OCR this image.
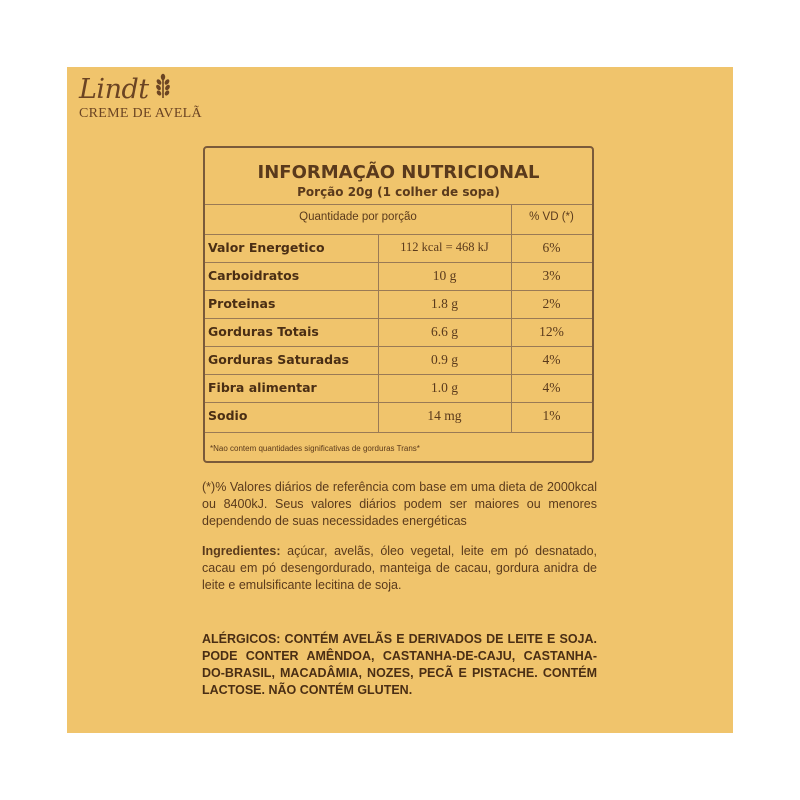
Lindt
CREME DE AVELÃ
INFORMAÇÃO NUTRICIONAL
Porção 20g (1 colher de sopa)
Quantidade por porção	% VD (*)
Valor Energetico	112 kcal = 468 kJ	6%
Carboidratos	10 g	3%
Proteinas	1.8 g	2%
Gorduras Totais	6.6 g	12%
Gorduras Saturadas	0.9 g	4%
Fibra alimentar	1.0 g	4%
Sodio	14 mg	1%
*Nao contem quantidades significativas de gorduras Trans*
(*)% Valores diários de referência com base em uma dieta de 2000kcal ou 8400kJ. Seus valores diários podem ser maiores ou menores dependendo de suas necessidades energéticas
Ingredientes: açúcar, avelãs, óleo vegetal, leite em pó desnatado, cacau em pó desengordurado, manteiga de cacau, gordura anidra de leite e emulsificante lecitina de soja.
ALÉRGICOS: CONTÉM AVELÃS E DERIVADOS DE LEITE E SOJA. PODE CONTER AMÊNDOA, CASTANHA-DE-CAJU, CASTANHA-DO-BRASIL, MACADÂMIA, NOZES, PECÃ E PISTACHE. CONTÉM LACTOSE. NÃO CONTÉM GLUTEN.
